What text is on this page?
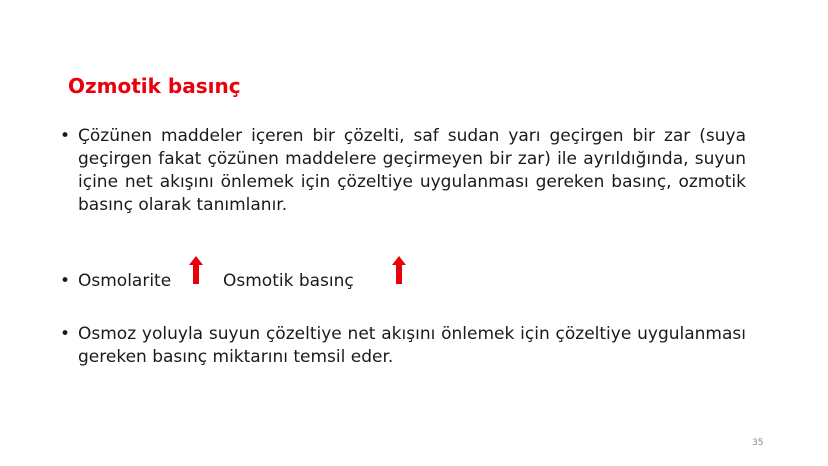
Ozmotik basınç
• Çözünen maddeler içeren bir çözelti, saf sudan yarı geçirgen bir zar (suya geçirgen fakat çözünen maddelere geçirmeyen bir zar) ile ayrıldığında, suyun içine net akışını önlemek için çözeltiye uygulanması gereken basınç, ozmotik basınç olarak tanımlanır.
• Osmolarite	Osmotik basınç
• Osmoz yoluyla suyun çözeltiye net akışını önlemek için çözeltiye uygulanması gereken basınç miktarını temsil eder.
35
